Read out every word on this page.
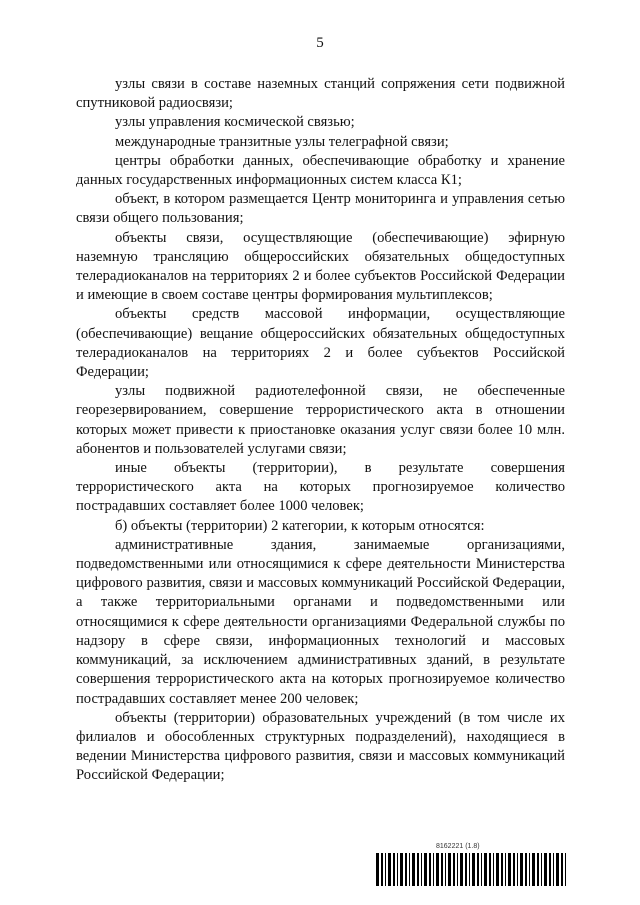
5

узлы связи в составе наземных станций сопряжения сети подвижной спутниковой радиосвязи;

узлы управления космической связью;

международные транзитные узлы телеграфной связи;

центры обработки данных, обеспечивающие обработку и хранение данных государственных информационных систем класса К1;

объект, в котором размещается Центр мониторинга и управления сетью связи общего пользования;

объекты связи, осуществляющие (обеспечивающие) эфирную наземную трансляцию общероссийских обязательных общедоступных телерадиоканалов на территориях 2 и более субъектов Российской Федерации и имеющие в своем составе центры формирования мультиплексов;

объекты средств массовой информации, осуществляющие (обеспечивающие) вещание общероссийских обязательных общедоступных телерадиоканалов на территориях 2 и более субъектов Российской Федерации;

узлы подвижной радиотелефонной связи, не обеспеченные георезервированием, совершение террористического акта в отношении которых может привести к приостановке оказания услуг связи более 10 млн. абонентов и пользователей услугами связи;

иные объекты (территории), в результате совершения террористического акта на которых прогнозируемое количество пострадавших составляет более 1000 человек;

б) объекты (территории) 2 категории, к которым относятся:

административные здания, занимаемые организациями, подведомственными или относящимися к сфере деятельности Министерства цифрового развития, связи и массовых коммуникаций Российской Федерации, а также территориальными органами и подведомственными или относящимися к сфере деятельности организациями Федеральной службы по надзору в сфере связи, информационных технологий и массовых коммуникаций, за исключением административных зданий, в результате совершения террористического акта на которых прогнозируемое количество пострадавших составляет менее 200 человек;

объекты (территории) образовательных учреждений (в том числе их филиалов и обособленных структурных подразделений), находящиеся в ведении Министерства цифрового развития, связи и массовых коммуникаций Российской Федерации;

8162221 (1.8)
